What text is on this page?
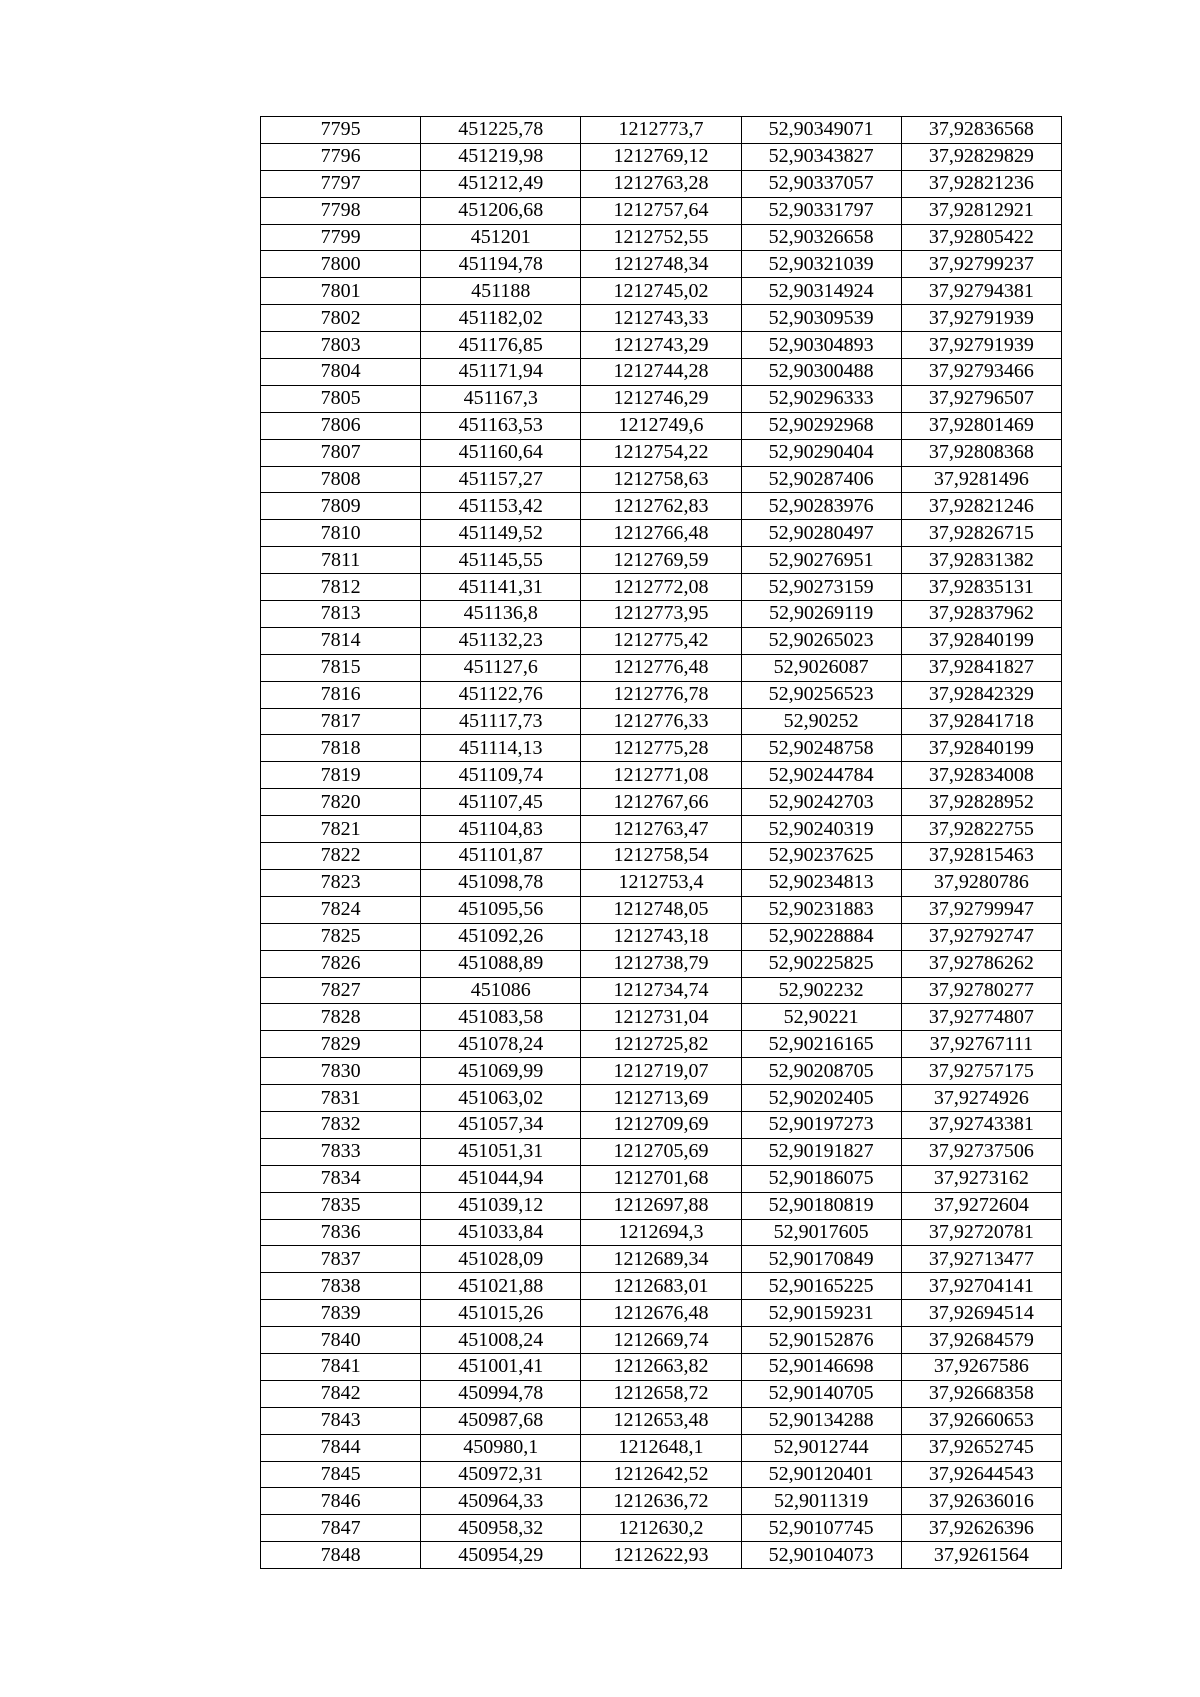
7795	451225,78	1212773,7	52,90349071	37,92836568
7796	451219,98	1212769,12	52,90343827	37,92829829
7797	451212,49	1212763,28	52,90337057	37,92821236
7798	451206,68	1212757,64	52,90331797	37,92812921
7799	451201	1212752,55	52,90326658	37,92805422
7800	451194,78	1212748,34	52,90321039	37,92799237
7801	451188	1212745,02	52,90314924	37,92794381
7802	451182,02	1212743,33	52,90309539	37,92791939
7803	451176,85	1212743,29	52,90304893	37,92791939
7804	451171,94	1212744,28	52,90300488	37,92793466
7805	451167,3	1212746,29	52,90296333	37,92796507
7806	451163,53	1212749,6	52,90292968	37,92801469
7807	451160,64	1212754,22	52,90290404	37,92808368
7808	451157,27	1212758,63	52,90287406	37,9281496
7809	451153,42	1212762,83	52,90283976	37,92821246
7810	451149,52	1212766,48	52,90280497	37,92826715
7811	451145,55	1212769,59	52,90276951	37,92831382
7812	451141,31	1212772,08	52,90273159	37,92835131
7813	451136,8	1212773,95	52,90269119	37,92837962
7814	451132,23	1212775,42	52,90265023	37,92840199
7815	451127,6	1212776,48	52,9026087	37,92841827
7816	451122,76	1212776,78	52,90256523	37,92842329
7817	451117,73	1212776,33	52,90252	37,92841718
7818	451114,13	1212775,28	52,90248758	37,92840199
7819	451109,74	1212771,08	52,90244784	37,92834008
7820	451107,45	1212767,66	52,90242703	37,92828952
7821	451104,83	1212763,47	52,90240319	37,92822755
7822	451101,87	1212758,54	52,90237625	37,92815463
7823	451098,78	1212753,4	52,90234813	37,9280786
7824	451095,56	1212748,05	52,90231883	37,92799947
7825	451092,26	1212743,18	52,90228884	37,92792747
7826	451088,89	1212738,79	52,90225825	37,92786262
7827	451086	1212734,74	52,902232	37,92780277
7828	451083,58	1212731,04	52,90221	37,92774807
7829	451078,24	1212725,82	52,90216165	37,92767111
7830	451069,99	1212719,07	52,90208705	37,92757175
7831	451063,02	1212713,69	52,90202405	37,9274926
7832	451057,34	1212709,69	52,90197273	37,92743381
7833	451051,31	1212705,69	52,90191827	37,92737506
7834	451044,94	1212701,68	52,90186075	37,9273162
7835	451039,12	1212697,88	52,90180819	37,9272604
7836	451033,84	1212694,3	52,9017605	37,92720781
7837	451028,09	1212689,34	52,90170849	37,92713477
7838	451021,88	1212683,01	52,90165225	37,92704141
7839	451015,26	1212676,48	52,90159231	37,92694514
7840	451008,24	1212669,74	52,90152876	37,92684579
7841	451001,41	1212663,82	52,90146698	37,9267586
7842	450994,78	1212658,72	52,90140705	37,92668358
7843	450987,68	1212653,48	52,90134288	37,92660653
7844	450980,1	1212648,1	52,9012744	37,92652745
7845	450972,31	1212642,52	52,90120401	37,92644543
7846	450964,33	1212636,72	52,9011319	37,92636016
7847	450958,32	1212630,2	52,90107745	37,92626396
7848	450954,29	1212622,93	52,90104073	37,9261564
